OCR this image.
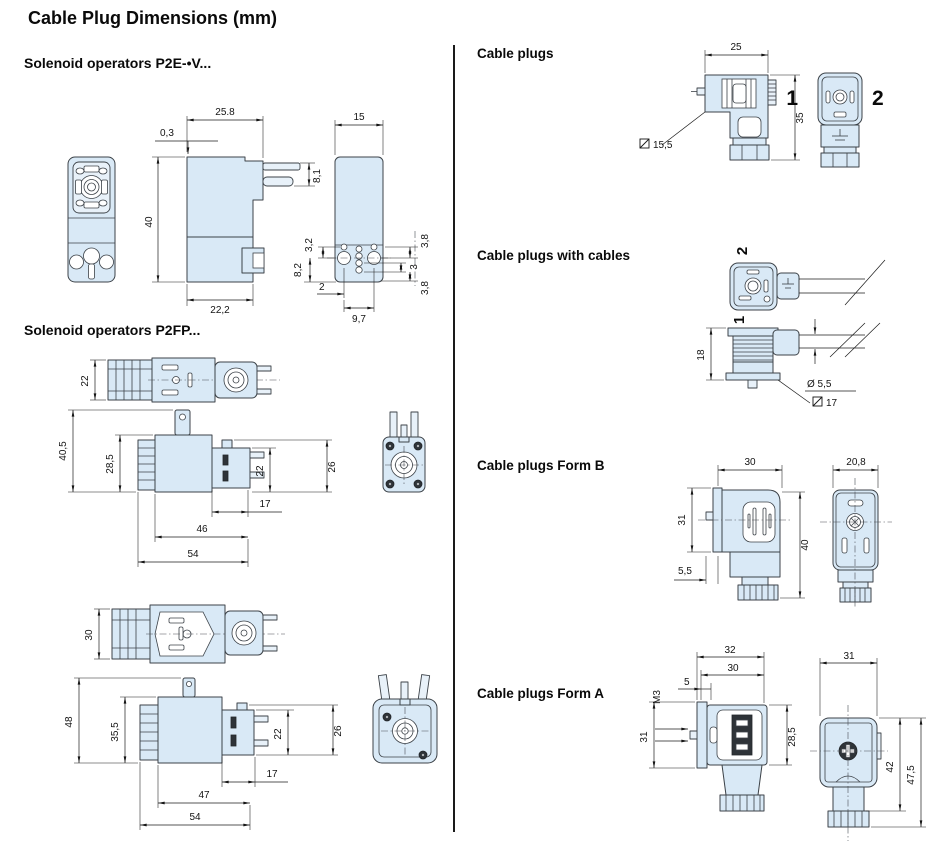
Cable Plug Dimensions (mm)
Solenoid operators P2E-•V...
Solenoid operators P2FP...
Cable plugs
Cable plugs with cables
Cable plugs Form B
Cable plugs Form A
0,3
25.8
40
8,1
22,2
15
3,2
8,2
2
9,7
3,8
3
3,8
22
40,5
28,5	22	26
17
46
54
30
48
35,5	22	26
17
47
54
25
35
15,5
1	2
2
1
18
Ø 5,5
17
30
31
5,5
40
20,8
32
30
5
M3
31	28,5
31
42 47,5
